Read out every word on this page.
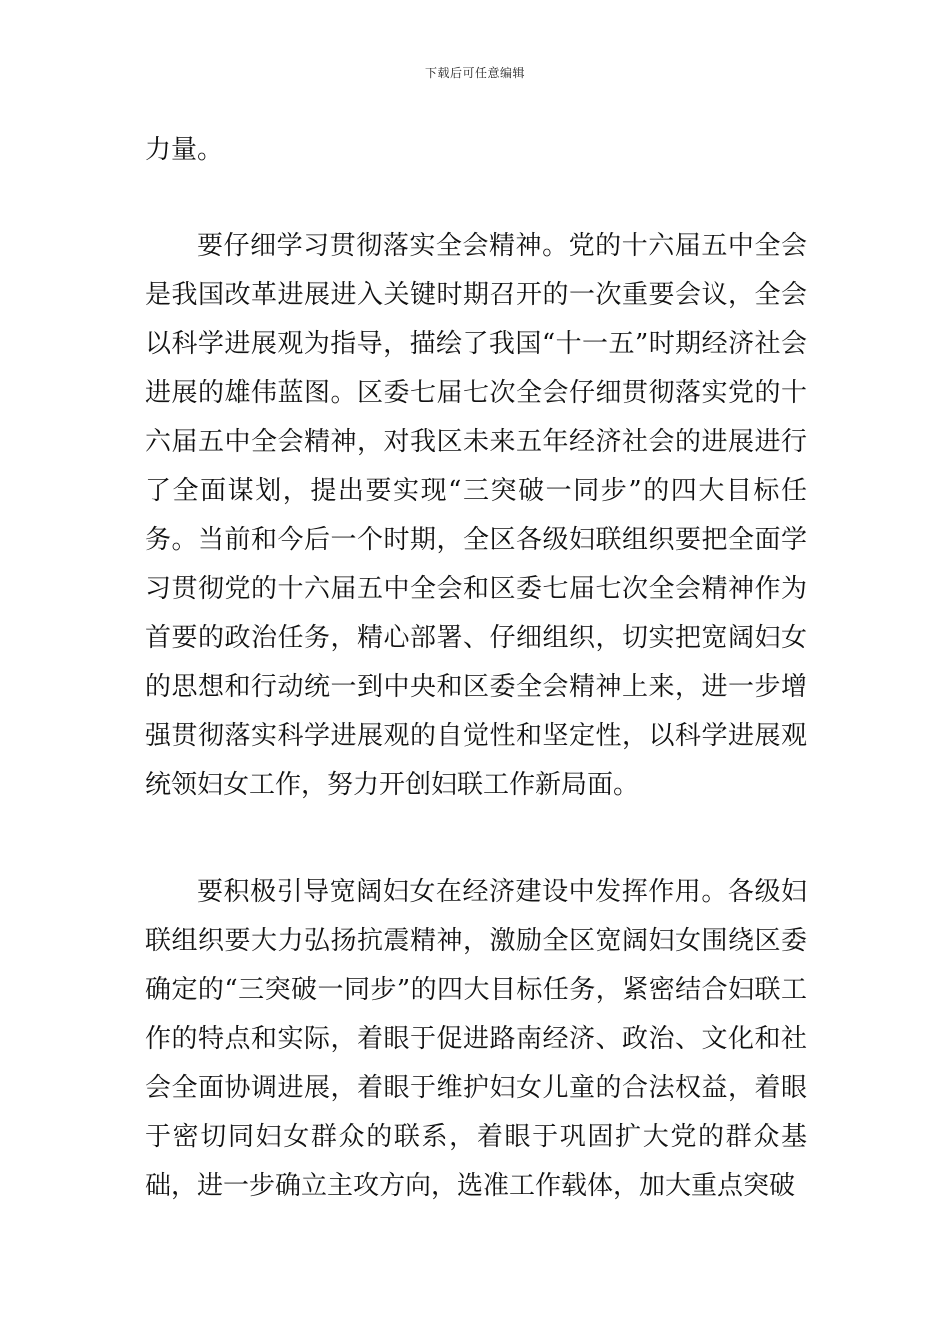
下载后可任意编辑

力量。

要仔细学习贯彻落实全会精神。党的十六届五中全会是我国改革进展进入关键时期召开的一次重要会议，全会以科学进展观为指导，描绘了我国“十一五”时期经济社会进展的雄伟蓝图。区委七届七次全会仔细贯彻落实党的十六届五中全会精神，对我区未来五年经济社会的进展进行了全面谋划，提出要实现“三突破一同步”的四大目标任务。当前和今后一个时期，全区各级妇联组织要把全面学习贯彻党的十六届五中全会和区委七届七次全会精神作为首要的政治任务，精心部署、仔细组织，切实把宽阔妇女的思想和行动统一到中央和区委全会精神上来，进一步增强贯彻落实科学进展观的自觉性和坚定性，以科学进展观统领妇女工作，努力开创妇联工作新局面。

要积极引导宽阔妇女在经济建设中发挥作用。各级妇联组织要大力弘扬抗震精神，激励全区宽阔妇女围绕区委确定的“三突破一同步”的四大目标任务，紧密结合妇联工作的特点和实际，着眼于促进路南经济、政治、文化和社会全面协调进展，着眼于维护妇女儿童的合法权益，着眼于密切同妇女群众的联系，着眼于巩固扩大党的群众基础，进一步确立主攻方向，选准工作载体，加大重点突破
